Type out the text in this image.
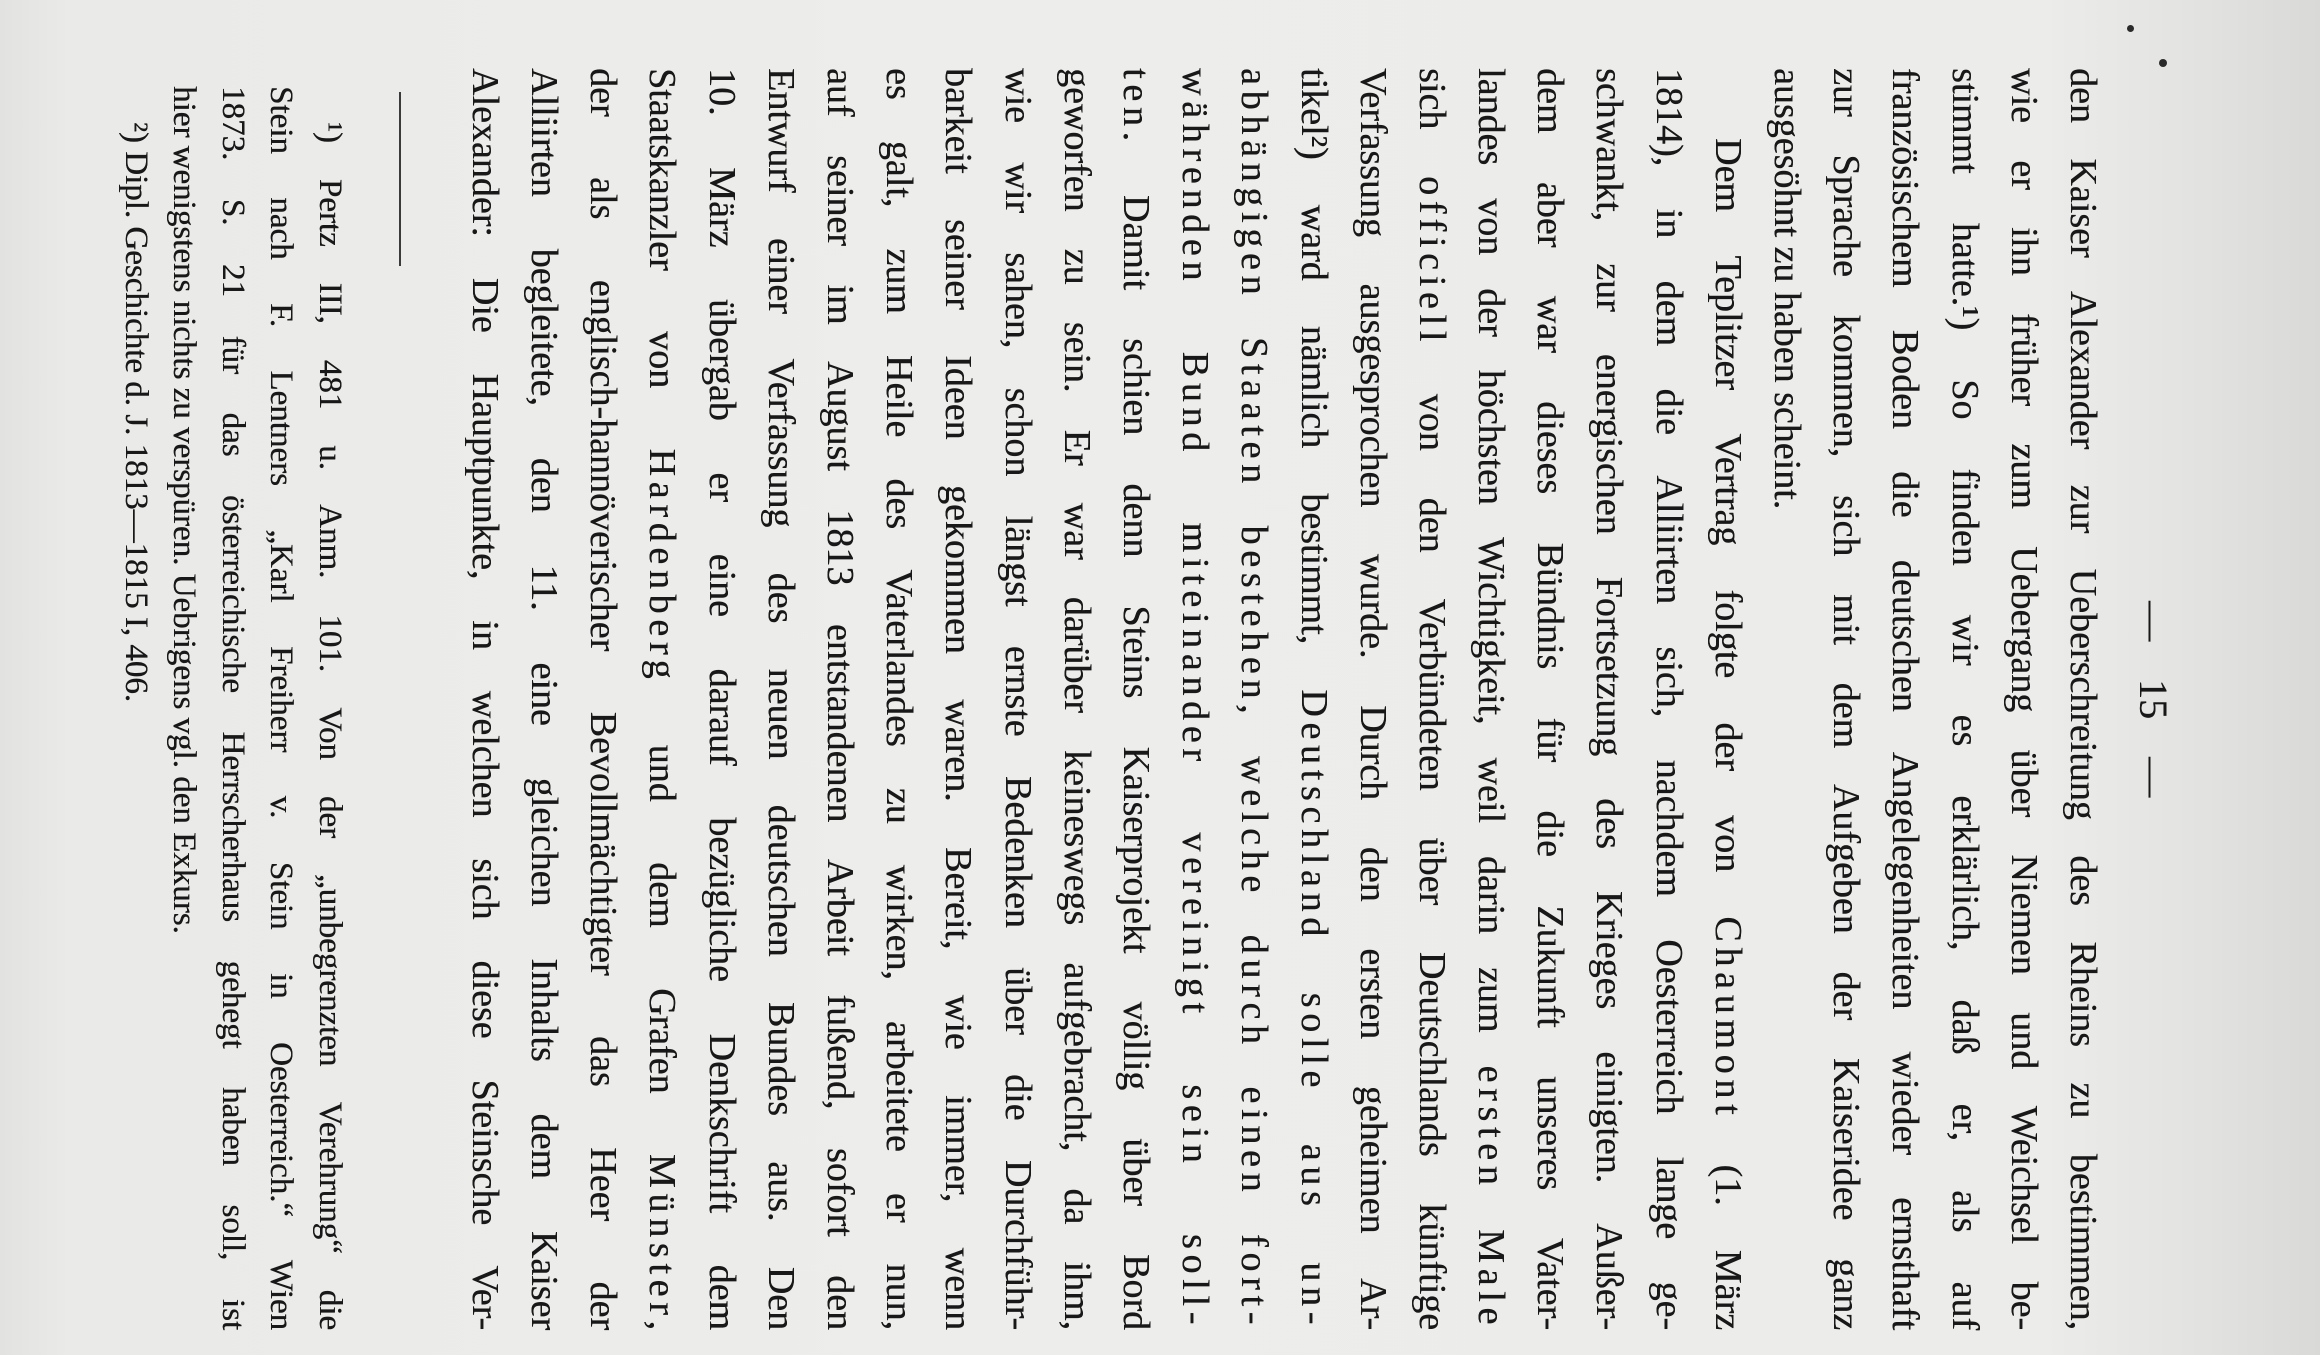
— 15 —
den Kaiser Alexander zur Ueberschreitung des Rheins zu bestimmen,
wie er ihn früher zum Uebergang über Niemen und Weichsel be-
stimmt hatte.¹) So finden wir es erklärlich, daß er, als auf
französischem Boden die deutschen Angelegenheiten wieder ernsthaft
zur Sprache kommen, sich mit dem Aufgeben der Kaiseridee ganz
ausgesöhnt zu haben scheint.
Dem Teplitzer Vertrag folgte der von Chaumont (1. März
1814), in dem die Alliirten sich, nachdem Oesterreich lange ge-
schwankt, zur energischen Fortsetzung des Krieges einigten. Außer-
dem aber war dieses Bündnis für die Zukunft unseres Vater-
landes von der höchsten Wichtigkeit, weil darin zum ersten Male
sich officiell von den Verbündeten über Deutschlands künftige
Verfassung ausgesprochen wurde. Durch den ersten geheimen Ar-
tikel²) ward nämlich bestimmt, Deutschland solle aus un-
abhängigen Staaten bestehen, welche durch einen fort-
währenden Bund miteinander vereinigt sein soll-
ten. Damit schien denn Steins Kaiserprojekt völlig über Bord
geworfen zu sein. Er war darüber keineswegs aufgebracht, da ihm,
wie wir sahen, schon längst ernste Bedenken über die Durchführ-
barkeit seiner Ideen gekommen waren. Bereit, wie immer, wenn
es galt, zum Heile des Vaterlandes zu wirken, arbeitete er nun,
auf seiner im August 1813 entstandenen Arbeit fußend, sofort den
Entwurf einer Verfassung des neuen deutschen Bundes aus. Den
10. März übergab er eine darauf bezügliche Denkschrift dem
Staatskanzler von Hardenberg und dem Grafen Münster,
der als englisch-hannöverischer Bevollmächtigter das Heer der
Alliirten begleitete, den 11. eine gleichen Inhalts dem Kaiser
Alexander: Die Hauptpunkte, in welchen sich diese Steinsche Ver-
¹) Pertz III, 481 u. Anm. 101. Von der „unbegrenzten Verehrung“ die
Stein nach F. Lentners „Karl Freiherr v. Stein in Oesterreich.“ Wien
1873. S. 21 für das österreichische Herrscherhaus gehegt haben soll, ist
hier wenigstens nichts zu verspüren. Uebrigens vgl. den Exkurs.
²) Dipl. Geschichte d. J. 1813—1815 I, 406.
